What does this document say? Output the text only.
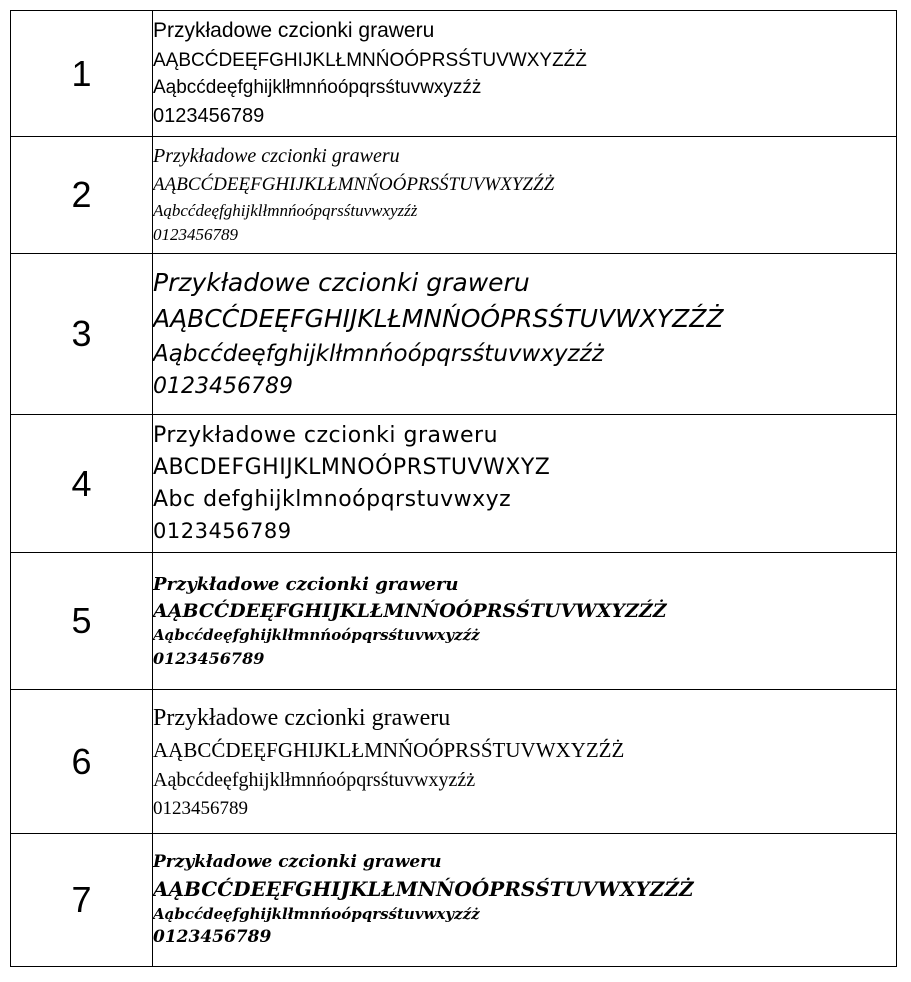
1	Przykładowe czcionki graweru
AĄBCĆDEĘFGHIJKLŁMNŃOÓPRSŚTUVWXYZŹŻ
Aąbcćdeęfghijklłmnńoópqrsśtuvwxyzźż
0123456789

2	Przykładowe czcionki graweru
AĄBCĆDEĘFGHIJKLŁMNŃOÓPRSŚTUVWXYZŹŻ
Aąbcćdeęfghijklłmnńoópqrsśtuvwxyzźż
0123456789

3	Przykładowe czcionki graweru
AĄBCĆDEĘFGHIJKLŁMNŃOÓPRSŚTUVWXYZŹŻ
Aąbcćdeęfghijklłmnńoópqrsśtuvwxyzźż
0123456789

4	Przykładowe czcionki graweru
ABCDEFGHIJKLMNOÓPRSTUVWXYZ
Abc defghijklmnoópqrstuvwxyz
0123456789

5	Przykładowe czcionki graweru
AĄBCĆDEĘFGHIJKLŁMNŃOÓPRSŚTUVWXYZŹŻ
Aąbcćdeęfghijklłmnńoópqrsśtuvwxyzźż
0123456789

6	Przykładowe czcionki graweru
AĄBCĆDEĘFGHIJKLŁMNŃOÓPRSŚTUVWXYZŹŻ
Aąbcćdeęfghijklłmnńoópqrsśtuvwxyzźż
0123456789

7	Przykładowe czcionki graweru
AĄBCĆDEĘFGHIJKLŁMNŃOÓPRSŚTUVWXYZŹŻ
Aąbcćdeęfghijklłmnńoópqrsśtuvwxyzźż
0123456789
